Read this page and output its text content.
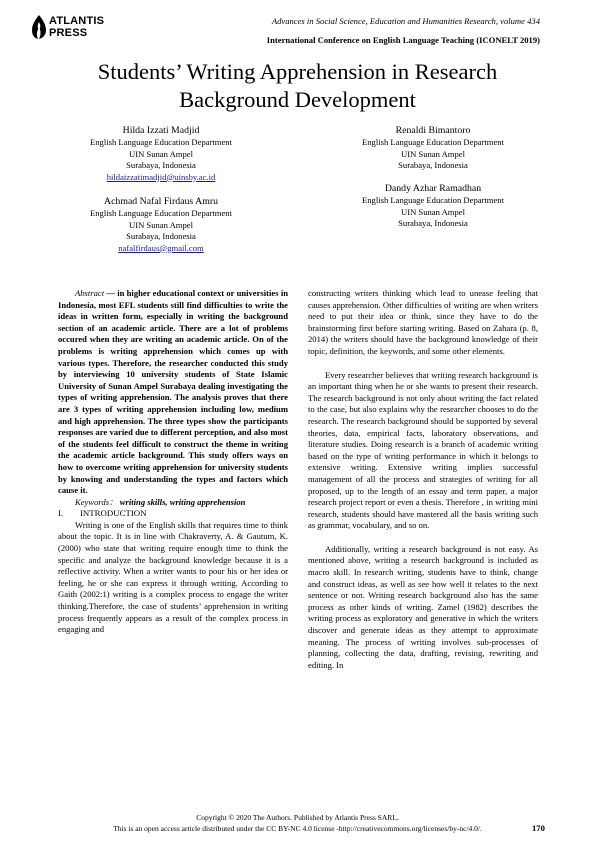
ATLANTIS
PRESS
Advances in Social Science, Education and Humanities Research, volume 434
International Conference on English Language Teaching (ICONELT 2019)
Students’ Writing Apprehension in Research
Background Development
Hilda Izzati Madjid
English Language Education Department
UIN Sunan Ampel
Surabaya, Indonesia
hildaizzatimadjid@uinsby.ac.id
Achmad Nafal Firdaus Amru
English Language Education Department
UIN Sunan Ampel
Surabaya, Indonesia
nafalfirdaus@gmail.com
Renaldi Bimantoro
English Language Education Department
UIN Sunan Ampel
Surabaya, Indonesia
Dandy Azhar Ramadhan
English Language Education Department
UIN Sunan Ampel
Surabaya, Indonesia

Abstract — in higher educational context or universities in Indonesia, most EFL students still find difficulties to write the ideas in written form, especially in writing the background section of an academic article. There are a lot of problems occured when they are writing an academic article. On of the problems is writing apprehension which comes up with various types. Therefore, the researcher conducted this study by interviewing 10 university students of State Islamic University of Sunan Ampel Surabaya dealing investigating the types of writing apprehension. The analysis proves that there are 3 types of writing apprehension including low, medium and high apprehension. The three types show the participants responses are varied due to different perception, and also most of the students feel difficult to construct the theme in writing the academic article background. This study offers ways on how to overcome writing apprehension for university students by knowing and understanding the types and factors which cause it.

Keywords： writing skills, writing apprehension

I. INTRODUCTION

Writing is one of the English skills that requires time to think about the topic. It is in line with Chakraverty, A. & Gautum, K. (2000) who state that writing require enough time to think the specific and analyze the background knowledge because it is a reflective activity. When a writer wants to pour his or her idea or feeling, he or she can express it through writing. According to Gaith (2002:1) writing is a complex process to engage the writer thinking.Therefore, the case of students’ apprehension in writing process frequently appears as a result of the complex process in engaging and

constructing writers thinking which lead to unease feeling that causes apprehension. Other difficulties of writing are when writers need to put their idea or think, since they have to do the brainstorming first before starting writing. Based on Zahara (p. 8, 2014) the writers should have the background knowledge of their topic, definition, the keywords, and some other elements.

Every researcher believes that writing research background is an important thing when he or she wants to present their research. The research background is not only about writing the fact related to the case, but also explains why the researcher chooses to do the research. The research background should be supported by several theories, data, empirical facts, laboratory observations, and literature studies. Doing research is a branch of academic writing based on the type of writing performance in which it belongs to extensive writing. Extensive writing implies successful management of all the process and strategies of writing for all proposed, up to the length of an essay and term paper, a major research project report or even a thesis. Therefore , in writing mini research, students should have mastered all the basis writing such as grammar, vocabulary, and so on.

Additionally, writing a research background is not easy. As mentioned above, writing a research background is included as macro skill. In research writing, students have to think, change and construct ideas, as well as see how well it relates to the next sentence or not. Writing research background also has the same process as other kinds of writing. Zamel (1982) describes the writing process as exploratory and generative in which the writers discover and generate ideas as they attempt to approximate meaning. The process of writing involves sub-processes of planning, collecting the data, drafting, revising, rewriting and editing. In

Copyright © 2020 The Authors. Published by Atlantis Press SARL.
This is an open access article distributed under the CC BY-NC 4.0 license -http://creativecommons.org/licenses/by-nc/4.0/.	170
